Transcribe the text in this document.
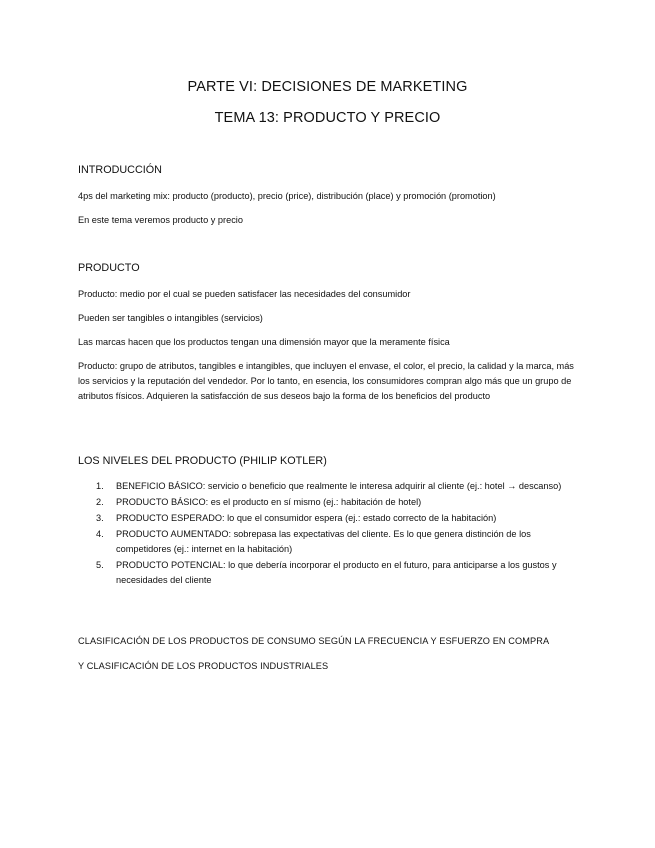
PARTE VI: DECISIONES DE MARKETING
TEMA 13: PRODUCTO Y PRECIO
INTRODUCCIÓN
4ps del marketing mix: producto (producto), precio (price), distribución (place) y promoción (promotion)
En este tema veremos producto y precio
PRODUCTO
Producto: medio por el cual se pueden satisfacer las necesidades del consumidor
Pueden ser tangibles o intangibles (servicios)
Las marcas hacen que los productos tengan una dimensión mayor que la meramente física
Producto: grupo de atributos, tangibles e intangibles, que incluyen el envase, el color, el precio, la calidad y la marca, más los servicios y la reputación del vendedor. Por lo tanto, en esencia, los consumidores compran algo más que un grupo de atributos físicos. Adquieren la satisfacción de sus deseos bajo la forma de los beneficios del producto
LOS NIVELES DEL PRODUCTO (PHILIP KOTLER)
1. BENEFICIO BÁSICO: servicio o beneficio que realmente le interesa adquirir al cliente (ej.: hotel → descanso)
2. PRODUCTO BÁSICO: es el producto en sí mismo (ej.: habitación de hotel)
3. PRODUCTO ESPERADO: lo que el consumidor espera (ej.: estado correcto de la habitación)
4. PRODUCTO AUMENTADO: sobrepasa las expectativas del cliente. Es lo que genera distinción de los competidores (ej.: internet en la habitación)
5. PRODUCTO POTENCIAL: lo que debería incorporar el producto en el futuro, para anticiparse a los gustos y necesidades del cliente
CLASIFICACIÓN DE LOS PRODUCTOS DE CONSUMO SEGÚN LA FRECUENCIA Y ESFUERZO EN COMPRA
Y CLASIFICACIÓN DE LOS PRODUCTOS INDUSTRIALES
